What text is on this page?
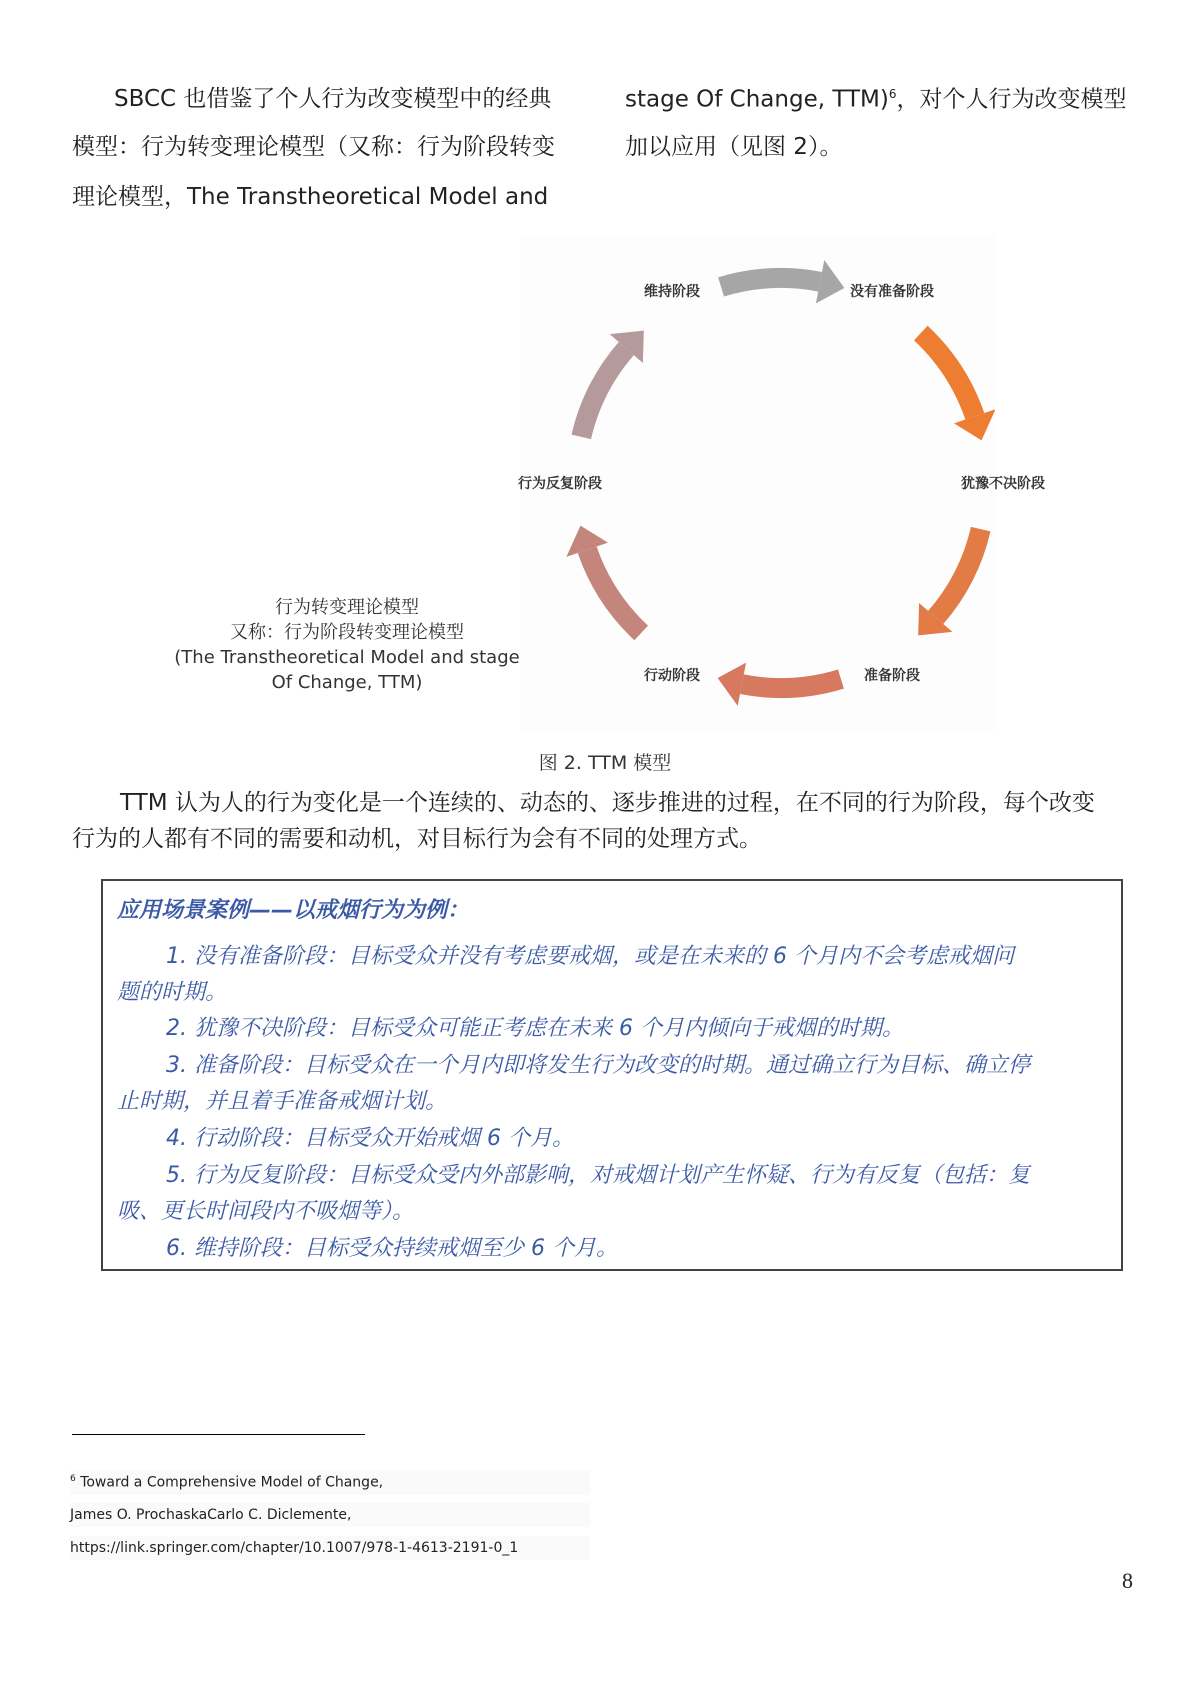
SBCC 也借鉴了个人行为改变模型中的经典
模型：行为转变理论模型（又称：行为阶段转变
理论模型，The Transtheoretical Model and
stage Of Change, TTM)$^6$，对个人行为改变模型
加以应用（见图 2）。
没有准备阶段
犹豫不决阶段
准备阶段
行动阶段
行为反复阶段
维持阶段
行为转变理论模型
又称：行为阶段转变理论模型
(The Transtheoretical Model and stage
Of Change, TTM)
图 2. TTM 模型
TTM 认为人的行为变化是一个连续的、动态的、逐步推进的过程，在不同的行为阶段，每个改变
行为的人都有不同的需要和动机，对目标行为会有不同的处理方式。
应用场景案例——以戒烟行为为例：
1. 没有准备阶段：目标受众并没有考虑要戒烟，或是在未来的 6 个月内不会考虑戒烟问
题的时期。
2. 犹豫不决阶段：目标受众可能正考虑在未来 6 个月内倾向于戒烟的时期。
3. 准备阶段：目标受众在一个月内即将发生行为改变的时期。通过确立行为目标、确立停
止时期，并且着手准备戒烟计划。
4. 行动阶段：目标受众开始戒烟 6 个月。
5. 行为反复阶段：目标受众受内外部影响，对戒烟计划产生怀疑、行为有反复（包括：复
吸、更长时间段内不吸烟等）。
6. 维持阶段：目标受众持续戒烟至少 6 个月。
$^6$ Toward a Comprehensive Model of Change,
James O. ProchaskaCarlo C. Diclemente,
https://link.springer.com/chapter/10.1007/978-1-4613-2191-0_1
8
